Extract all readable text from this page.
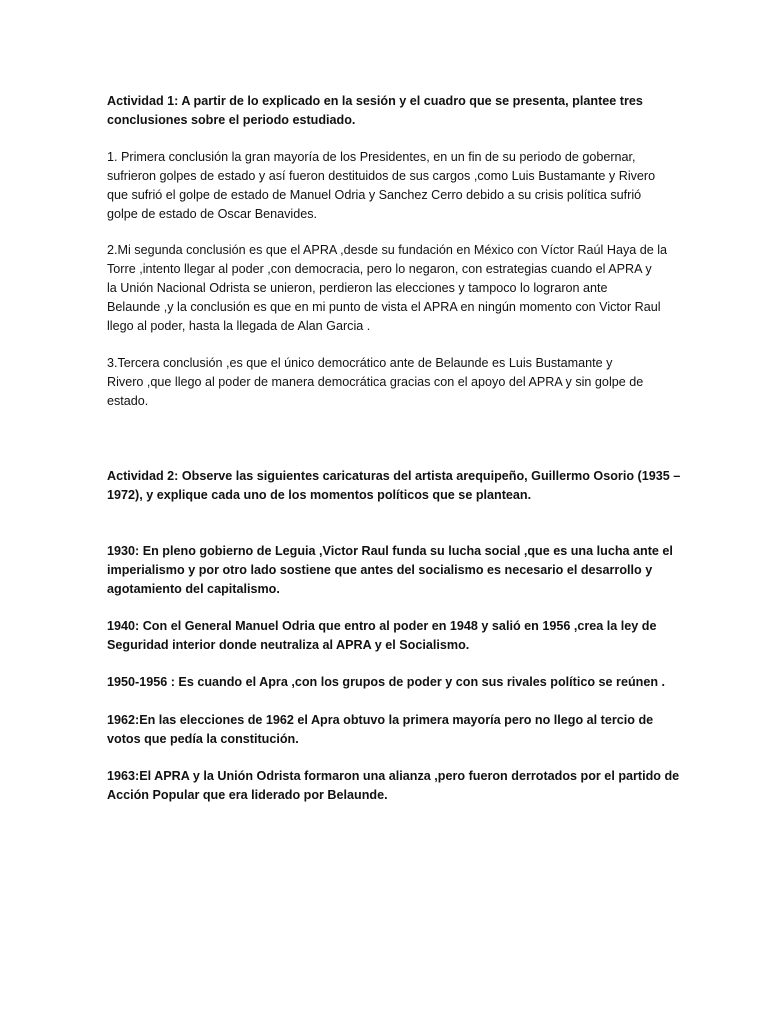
Actividad 1: A partir de lo explicado en la sesión y el cuadro que se presenta, plantee tres
conclusiones sobre el periodo estudiado.
1. Primera conclusión la gran mayoría de los Presidentes, en un fin de su periodo de gobernar,
sufrieron golpes de estado y así fueron destituidos de sus cargos ,como Luis Bustamante y Rivero
que sufrió el golpe de estado de Manuel Odria y Sanchez Cerro debido a su crisis política sufrió
golpe de estado de Oscar Benavides.
2.Mi segunda conclusión es que el APRA ,desde su fundación en México con Víctor Raúl Haya de la
Torre ,intento llegar al poder ,con democracia, pero lo negaron, con estrategias cuando el APRA y
la Unión Nacional Odrista se unieron, perdieron las elecciones y tampoco lo lograron ante
Belaunde ,y la conclusión es que en mi punto de vista el APRA en ningún momento con Victor Raul
llego al poder, hasta la llegada de Alan Garcia .
3.Tercera conclusión ,es que el único democrático ante de Belaunde es Luis Bustamante y
Rivero ,que llego al poder de manera democrática gracias con el apoyo del APRA y sin golpe de
estado.
Actividad 2: Observe las siguientes caricaturas del artista arequipeño, Guillermo Osorio (1935 –
1972), y explique cada uno de los momentos políticos que se plantean.
1930: En pleno gobierno de Leguia ,Victor Raul funda su lucha social ,que es una lucha ante el
imperialismo y por otro lado sostiene que antes del socialismo es necesario el desarrollo y
agotamiento del capitalismo.
1940: Con el General Manuel Odria que entro al poder en 1948 y salió en 1956 ,crea la ley de
Seguridad interior donde neutraliza al APRA y el Socialismo.
1950-1956 : Es cuando el Apra ,con los grupos de poder y con sus rivales político se reúnen .
1962:En las elecciones de 1962 el Apra obtuvo la primera mayoría pero no llego al tercio de
votos que pedía la constitución.
1963:El APRA y la Unión Odrista formaron una alianza ,pero fueron derrotados por el partido de
Acción Popular que era liderado por Belaunde.
